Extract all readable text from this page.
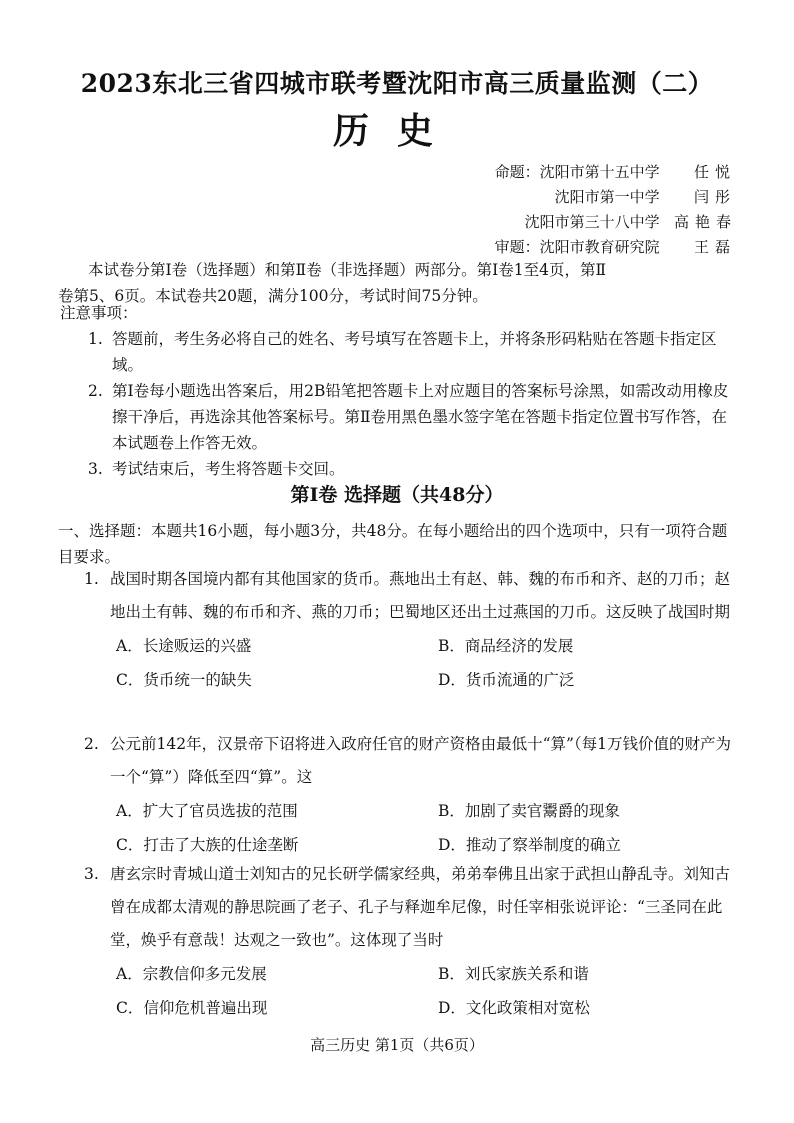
2023东北三省四城市联考暨沈阳市高三质量监测（二）
历史
命题：沈阳市第十五中学 任悦
沈阳市第一中学 闫彤
沈阳市第三十八中学 高艳春
审题：沈阳市教育研究院 王磊

本试卷分第Ⅰ卷（选择题）和第Ⅱ卷（非选择题）两部分。第Ⅰ卷1至4页，第Ⅱ

卷第5、6页。本试卷共20题，满分100分，考试时间75分钟。

注意事项：
1. 答题前，考生务必将自己的姓名、考号填写在答题卡上，并将条形码粘贴在答题卡指定区域。
2. 第Ⅰ卷每小题选出答案后，用2B铅笔把答题卡上对应题目的答案标号涂黑，如需改动用橡皮擦干净后，再选涂其他答案标号。第Ⅱ卷用黑色墨水签字笔在答题卡指定位置书写作答，在本试题卷上作答无效。
3. 考试结束后，考生将答题卡交回。
第Ⅰ卷 选择题（共48分）
一、选择题：本题共16小题，每小题3分，共48分。在每小题给出的四个选项中，只有一项符合题目要求。
1. 战国时期各国境内都有其他国家的货币。燕地出土有赵、韩、魏的布币和齐、赵的刀币；赵地出土有韩、魏的布币和齐、燕的刀币；巴蜀地区还出土过燕国的刀币。这反映了战国时期
A．长途贩运的兴盛	B．商品经济的发展
C．货币统一的缺失	D．货币流通的广泛
2. 公元前142年，汉景帝下诏将进入政府任官的财产资格由最低十“算”（每1万钱价值的财产为一个“算”）降低至四“算”。这
A．扩大了官员选拔的范围	B．加剧了卖官鬻爵的现象
C．打击了大族的仕途垄断	D．推动了察举制度的确立
3. 唐玄宗时青城山道士刘知古的兄长研学儒家经典，弟弟奉佛且出家于武担山静乱寺。刘知古曾在成都太清观的静思院画了老子、孔子与释迦牟尼像，时任宰相张说评论：“三圣同在此堂，焕乎有意哉！达观之一致也”。这体现了当时
A．宗教信仰多元发展	B．刘氏家族关系和谐
C．信仰危机普遍出现	D．文化政策相对宽松
高三历史 第1页（共6页）
